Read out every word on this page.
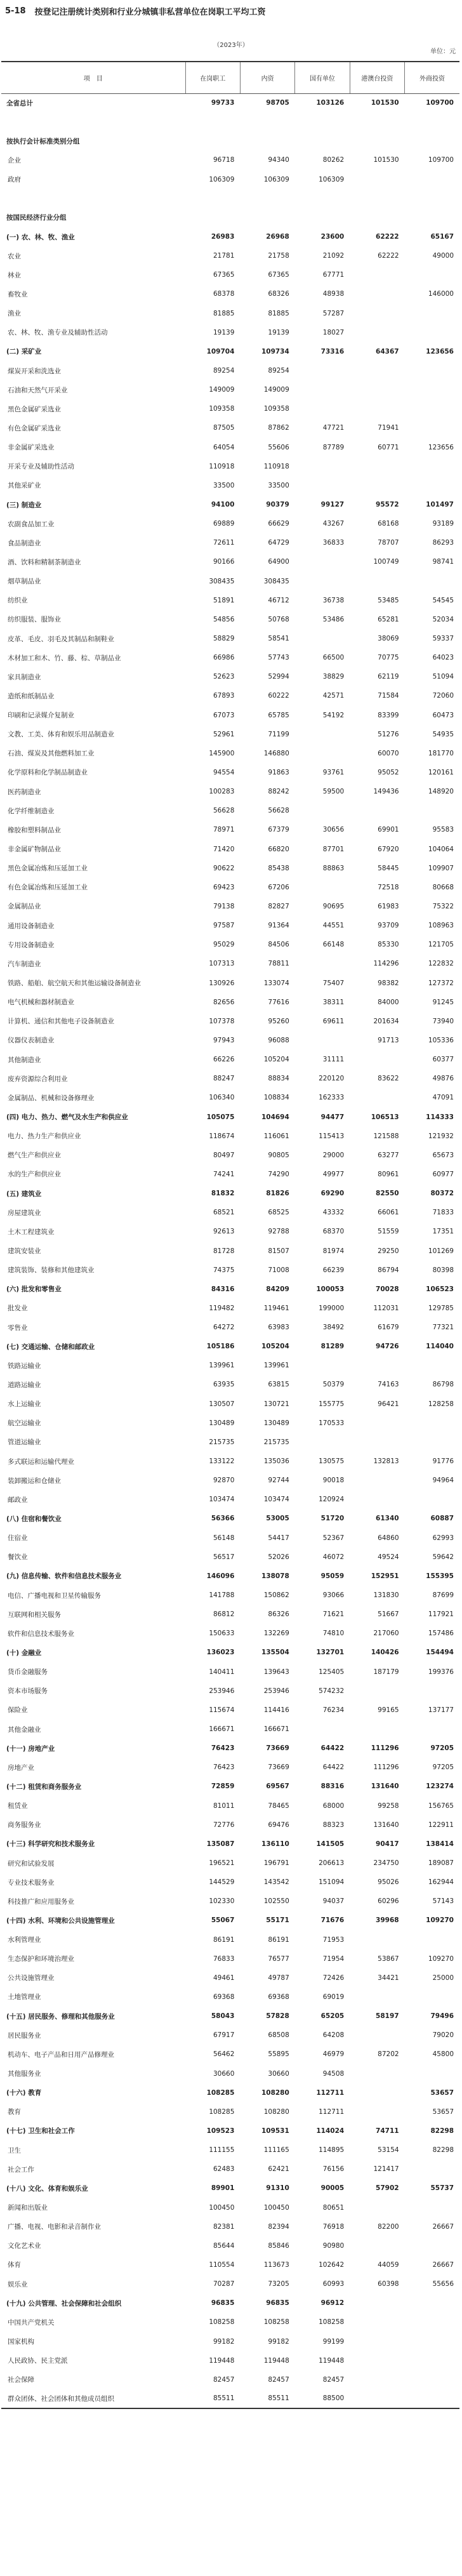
5-18 按登记注册统计类别和行业分城镇非私营单位在岗职工平均工资
（2023年）
单位：元
项　目	在岗职工	内资	国有单位	港澳台投资	外商投资
全省总计	99733	98705	103126	101530	109700

按执行会计标准类别分组					
企业	96718	94340	80262	101530	109700
政府	106309	106309	106309		

按国民经济行业分组					
(一) 农、林、牧、渔业	26983	26968	23600	62222	65167
农业	21781	21758	21092	62222	49000
林业	67365	67365	67771		
畜牧业	68378	68326	48938		146000
渔业	81885	81885	57287		
农、林、牧、渔专业及辅助性活动	19139	19139	18027		
(二) 采矿业	109704	109734	73316	64367	123656
煤炭开采和洗选业	89254	89254			
石油和天然气开采业	149009	149009			
黑色金属矿采选业	109358	109358			
有色金属矿采选业	87505	87862	47721	71941	
非金属矿采选业	64054	55606	87789	60771	123656
开采专业及辅助性活动	110918	110918			
其他采矿业	33500	33500			
(三) 制造业	94100	90379	99127	95572	101497
农副食品加工业	69889	66629	43267	68168	93189
食品制造业	72611	64729	36833	78707	86293
酒、饮料和精制茶制造业	90166	64900		100749	98741
烟草制品业	308435	308435			
纺织业	51891	46712	36738	53485	54545
纺织服装、服饰业	54856	50768	53486	65281	52034
皮革、毛皮、羽毛及其制品和制鞋业	58829	58541		38069	59337
木材加工和木、竹、藤、棕、草制品业	66986	57743	66500	70775	64023
家具制造业	52623	52994	38829	62119	51094
造纸和纸制品业	67893	60222	42571	71584	72060
印刷和记录媒介复制业	67073	65785	54192	83399	60473
文教、工美、体育和娱乐用品制造业	52961	71199		51276	54935
石油、煤炭及其他燃料加工业	145900	146880		60070	181770
化学原料和化学制品制造业	94554	91863	93761	95052	120161
医药制造业	100283	88242	59500	149436	148920
化学纤维制造业	56628	56628			
橡胶和塑料制品业	78971	67379	30656	69901	95583
非金属矿物制品业	71420	66820	87701	67920	104064
黑色金属冶炼和压延加工业	90622	85438	88863	58445	109907
有色金属冶炼和压延加工业	69423	67206		72518	80668
金属制品业	79138	82827	90695	61983	75322
通用设备制造业	97587	91364	44551	93709	108963
专用设备制造业	95029	84506	66148	85330	121705
汽车制造业	107313	78811		114296	122832
铁路、船舶、航空航天和其他运输设备制造业	130926	133074	75407	98382	127372
电气机械和器材制造业	82656	77616	38311	84000	91245
计算机、通信和其他电子设备制造业	107378	95260	69611	201634	73940
仪器仪表制造业	97943	96088		91713	105336
其他制造业	66226	105204	31111		60377
废弃资源综合利用业	88247	88834	220120	83622	49876
金属制品、机械和设备修理业	106340	108834	162333		47091
(四) 电力、热力、燃气及水生产和供应业	105075	104694	94477	106513	114333
电力、热力生产和供应业	118674	116061	115413	121588	121932
燃气生产和供应业	80497	90805	29000	63277	65673
水的生产和供应业	74241	74290	49977	80961	60977
(五) 建筑业	81832	81826	69290	82550	80372
房屋建筑业	68521	68525	43332	66061	71833
土木工程建筑业	92613	92788	68370	51559	17351
建筑安装业	81728	81507	81974	29250	101269
建筑装饰、装修和其他建筑业	74375	71008	66239	86794	80398
(六) 批发和零售业	84316	84209	100053	70028	106523
批发业	119482	119461	199000	112031	129785
零售业	64272	63983	38492	61679	77321
(七) 交通运输、仓储和邮政业	105186	105204	81289	94726	114040
铁路运输业	139961	139961			
道路运输业	63935	63815	50379	74163	86798
水上运输业	130507	130721	155775	96421	128258
航空运输业	130489	130489	170533		
管道运输业	215735	215735			
多式联运和运输代理业	133122	135036	130575	132813	91776
装卸搬运和仓储业	92870	92744	90018		94964
邮政业	103474	103474	120924		
(八) 住宿和餐饮业	56366	53005	51720	61340	60887
住宿业	56148	54417	52367	64860	62993
餐饮业	56517	52026	46072	49524	59642
(九) 信息传输、软件和信息技术服务业	146096	138078	95059	152951	155395
电信、广播电视和卫星传输服务	141788	150862	93066	131830	87699
互联网和相关服务	86812	86326	71621	51667	117921
软件和信息技术服务业	150633	132269	74810	217060	157486
(十) 金融业	136023	135504	132701	140426	154494
货币金融服务	140411	139643	125405	187179	199376
资本市场服务	253946	253946	574232		
保险业	115674	114416	76234	99165	137177
其他金融业	166671	166671			
(十一) 房地产业	76423	73669	64422	111296	97205
房地产业	76423	73669	64422	111296	97205
(十二) 租赁和商务服务业	72859	69567	88316	131640	123274
租赁业	81011	78465	68000	99258	156765
商务服务业	72776	69476	88323	131640	122911
(十三) 科学研究和技术服务业	135087	136110	141505	90417	138414
研究和试验发展	196521	196791	206613	234750	189087
专业技术服务业	144529	143542	151094	95026	162944
科技推广和应用服务业	102330	102550	94037	60296	57143
(十四) 水利、环境和公共设施管理业	55067	55171	71676	39968	109270
水利管理业	86191	86191	71953		
生态保护和环境治理业	76833	76577	71954	53867	109270
公共设施管理业	49461	49787	72426	34421	25000
土地管理业	69368	69368	69019		
(十五) 居民服务、修理和其他服务业	58043	57828	65205	58197	79496
居民服务业	67917	68508	64208		79020
机动车、电子产品和日用产品修理业	56462	55895	46979	87202	45800
其他服务业	30660	30660	94508		
(十六) 教育	108285	108280	112711		53657
教育	108285	108280	112711		53657
(十七) 卫生和社会工作	109523	109531	114024	74711	82298
卫生	111155	111165	114895	53154	82298
社会工作	62483	62421	76156	121417	
(十八) 文化、体育和娱乐业	89901	91310	90005	57902	55737
新闻和出版业	100450	100450	80651		
广播、电视、电影和录音制作业	82381	82394	76918	82200	26667
文化艺术业	85644	85846	90980		
体育	110554	113673	102642	44059	26667
娱乐业	70287	73205	60993	60398	55656
(十九) 公共管理、社会保障和社会组织	96835	96835	96912		
中国共产党机关	108258	108258	108258		
国家机构	99182	99182	99199		
人民政协、民主党派	119448	119448	119448		
社会保障	82457	82457	82457		
群众团体、社会团体和其他成员组织	85511	85511	88500		
